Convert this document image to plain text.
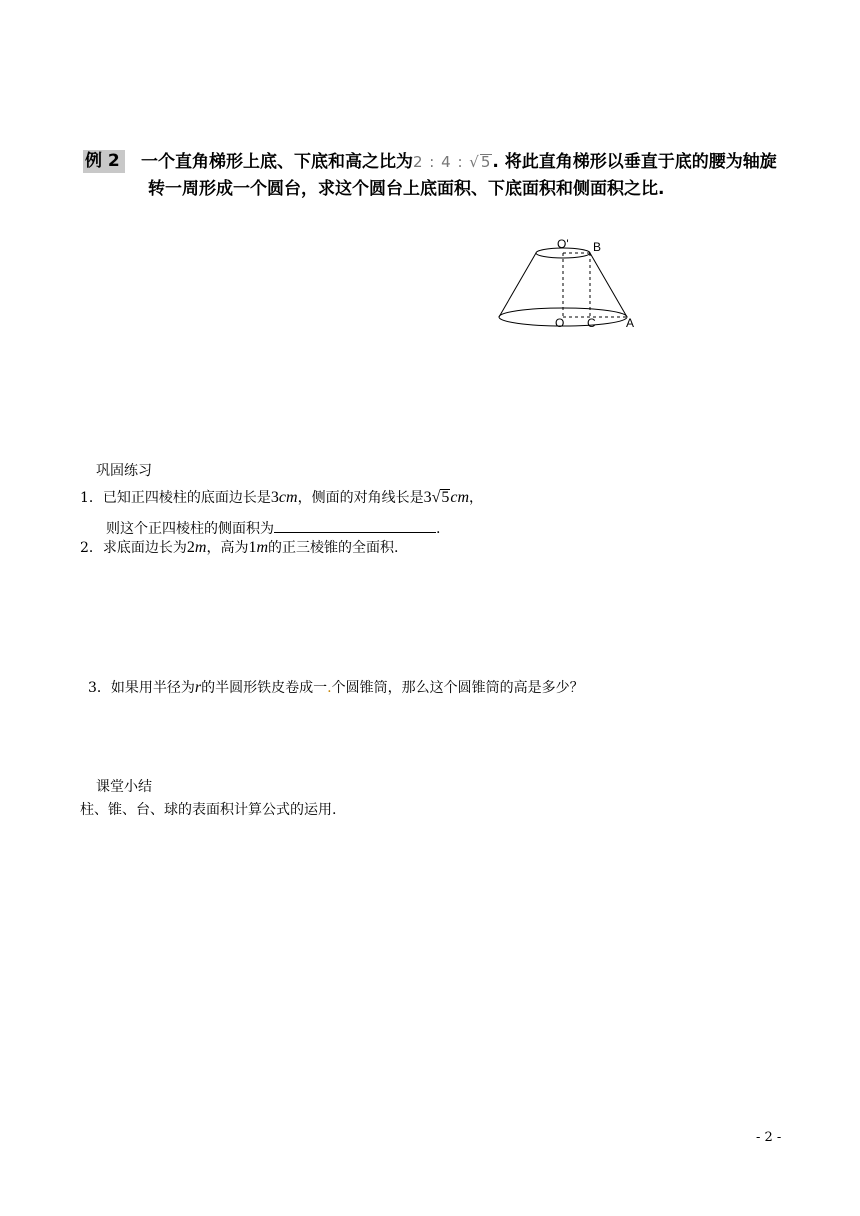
例 2	一个直角梯形上底、下底和高之比为2 : 4 : √5. 将此直角梯形以垂直于底的腰为轴旋
转一周形成一个圆台，求这个圆台上底面积、下底面积和侧面积之比.
O' B
O C	A
巩固练习
1．已知正四棱柱的底面边长是3cm，侧面的对角线长是3√5cm，
则这个正四棱柱的侧面积为	.
2．求底面边长为2m，高为1m的正三棱锥的全面积.
3．如果用半径为r的半圆形铁皮卷成一.个圆锥筒，那么这个圆锥筒的高是多少？
课堂小结
柱、锥、台、球的表面积计算公式的运用.
- 2 -
